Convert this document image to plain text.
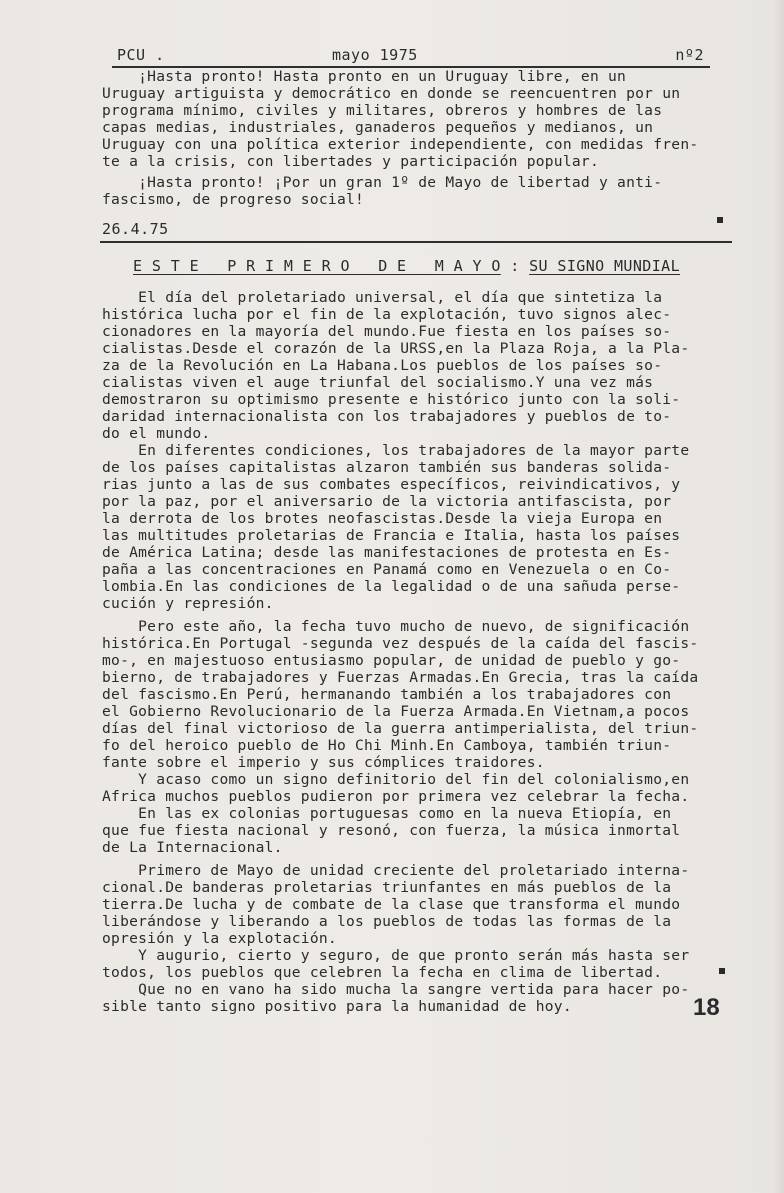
PCU .	mayo 1975	nº2
¡Hasta pronto! Hasta pronto en un Uruguay libre, en un
Uruguay artiguista y democrático en donde se reencuentren por un
programa mínimo, civiles y militares, obreros y hombres de las
capas medias, industriales, ganaderos pequeños y medianos, un
Uruguay con una política exterior independiente, con medidas fren-
te a la crisis, con libertades y participación popular.
¡Hasta pronto! ¡Por un gran 1º de Mayo de libertad y anti-
fascismo, de progreso social!
26.4.75
E S T E _ P R I M E R O _ D E _ M A Y O : SU SIGNO MUNDIAL
El día del proletariado universal, el día que sintetiza la
histórica lucha por el fin de la explotación, tuvo signos alec-
cionadores en la mayoría del mundo.Fue fiesta en los países so-
cialistas.Desde el corazón de la URSS,en la Plaza Roja, a la Pla-
za de la Revolución en La Habana.Los pueblos de los países so-
cialistas viven el auge triunfal del socialismo.Y una vez más
demostraron su optimismo presente e histórico junto con la soli-
daridad internacionalista con los trabajadores y pueblos de to-
do el mundo.
En diferentes condiciones, los trabajadores de la mayor parte
de los países capitalistas alzaron también sus banderas solida-
rias junto a las de sus combates específicos, reivindicativos, y
por la paz, por el aniversario de la victoria antifascista, por
la derrota de los brotes neofascistas.Desde la vieja Europa en
las multitudes proletarias de Francia e Italia, hasta los países
de América Latina; desde las manifestaciones de protesta en Es-
paña a las concentraciones en Panamá como en Venezuela o en Co-
lombia.En las condiciones de la legalidad o de una sañuda perse-
cución y represión.
Pero este año, la fecha tuvo mucho de nuevo, de significación
histórica.En Portugal -segunda vez después de la caída del fascis-
mo-, en majestuoso entusiasmo popular, de unidad de pueblo y go-
bierno, de trabajadores y Fuerzas Armadas.En Grecia, tras la caída
del fascismo.En Perú, hermanando también a los trabajadores con
el Gobierno Revolucionario de la Fuerza Armada.En Vietnam,a pocos
días del final victorioso de la guerra antimperialista, del triun-
fo del heroico pueblo de Ho Chi Minh.En Camboya, también triun-
fante sobre el imperio y sus cómplices traidores.
Y acaso como un signo definitorio del fin del colonialismo,en
Africa muchos pueblos pudieron por primera vez celebrar la fecha.
En las ex colonias portuguesas como en la nueva Etiopía, en
que fue fiesta nacional y resonó, con fuerza, la música inmortal
de La Internacional.
Primero de Mayo de unidad creciente del proletariado interna-
cional.De banderas proletarias triunfantes en más pueblos de la
tierra.De lucha y de combate de la clase que transforma el mundo
liberándose y liberando a los pueblos de todas las formas de la
opresión y la explotación.
Y augurio, cierto y seguro, de que pronto serán más hasta ser
todos, los pueblos que celebren la fecha en clima de libertad.
Que no en vano ha sido mucha la sangre vertida para hacer po-
sible tanto signo positivo para la humanidad de hoy.	18
